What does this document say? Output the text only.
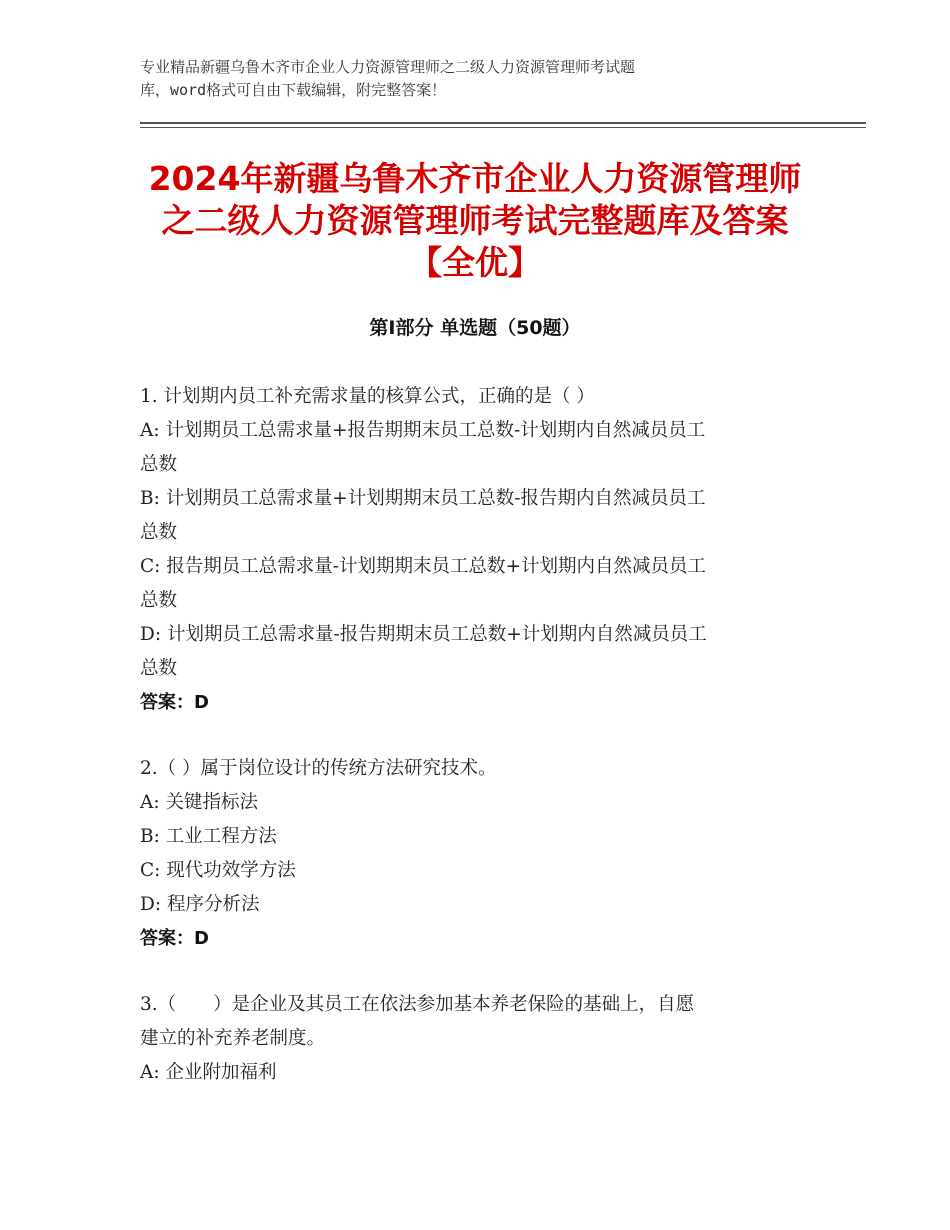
专业精品新疆乌鲁木齐市企业人力资源管理师之二级人力资源管理师考试题
库，word格式可自由下载编辑，附完整答案！
2024年新疆乌鲁木齐市企业人力资源管理师
之二级人力资源管理师考试完整题库及答案
【全优】
第Ⅰ部分 单选题（50题）
1. 计划期内员工补充需求量的核算公式，正确的是（ ）
A: 计划期员工总需求量+报告期期末员工总数-计划期内自然减员员工
总数
B: 计划期员工总需求量+计划期期末员工总数-报告期内自然减员员工
总数
C: 报告期员工总需求量-计划期期末员工总数+计划期内自然减员员工
总数
D: 计划期员工总需求量-报告期期末员工总数+计划期内自然减员员工
总数
答案：D
2.（ ）属于岗位设计的传统方法研究技术。
A: 关键指标法
B: 工业工程方法
C: 现代功效学方法
D: 程序分析法
答案：D
3.（　　）是企业及其员工在依法参加基本养老保险的基础上，自愿
建立的补充养老制度。
A: 企业附加福利
